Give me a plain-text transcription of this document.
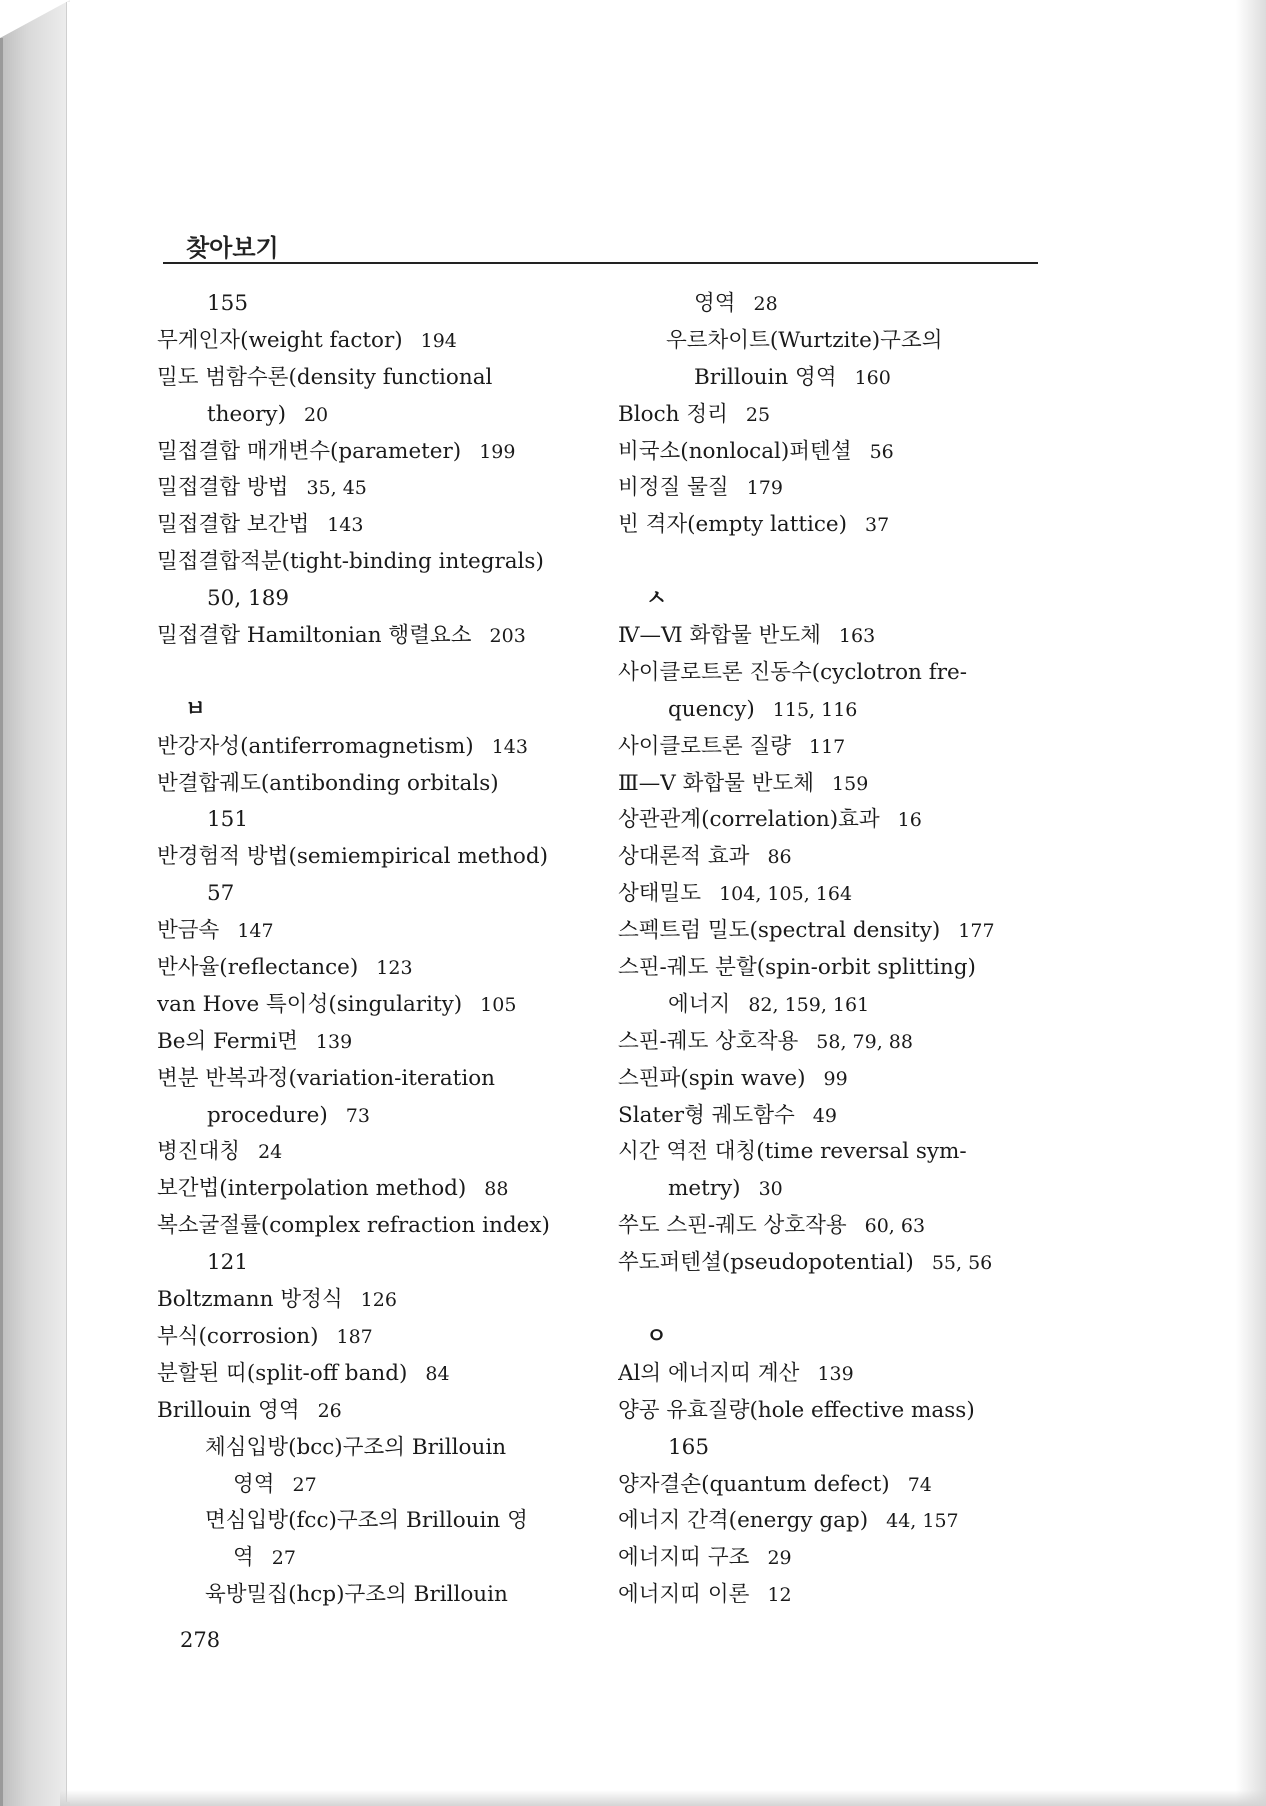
찾아보기
155
무게인자(weight factor) 194
밀도 범함수론(density functional
theory) 20
밀접결합 매개변수(parameter) 199
밀접결합 방법 35, 45
밀접결합 보간법 143
밀접결합적분(tight-binding integrals)
50, 189
밀접결합 Hamiltonian 행렬요소 203
ㅂ
반강자성(antiferromagnetism) 143
반결합궤도(antibonding orbitals)
151
반경험적 방법(semiempirical method)
57
반금속 147
반사율(reflectance) 123
van Hove 특이성(singularity) 105
Be의 Fermi면 139
변분 반복과정(variation-iteration
procedure) 73
병진대칭 24
보간법(interpolation method) 88
복소굴절률(complex refraction index)
121
Boltzmann 방정식 126
부식(corrosion) 187
분할된 띠(split-off band) 84
Brillouin 영역 26
체심입방(bcc)구조의 Brillouin
영역 27
면심입방(fcc)구조의 Brillouin 영
역 27
육방밀집(hcp)구조의 Brillouin
영역 28
우르차이트(Wurtzite)구조의
Brillouin 영역 160
Bloch 정리 25
비국소(nonlocal)퍼텐셜 56
비정질 물질 179
빈 격자(empty lattice) 37
ㅅ
Ⅳ—Ⅵ 화합물 반도체 163
사이클로트론 진동수(cyclotron fre-
quency) 115, 116
사이클로트론 질량 117
Ⅲ—Ⅴ 화합물 반도체 159
상관관계(correlation)효과 16
상대론적 효과 86
상태밀도 104, 105, 164
스펙트럼 밀도(spectral density) 177
스핀-궤도 분할(spin-orbit splitting)
에너지 82, 159, 161
스핀-궤도 상호작용 58, 79, 88
스핀파(spin wave) 99
Slater형 궤도함수 49
시간 역전 대칭(time reversal sym-
metry) 30
쑤도 스핀-궤도 상호작용 60, 63
쑤도퍼텐셜(pseudopotential) 55, 56
ㅇ
Al의 에너지띠 계산 139
양공 유효질량(hole effective mass)
165
양자결손(quantum defect) 74
에너지 간격(energy gap) 44, 157
에너지띠 구조 29
에너지띠 이론 12
278
